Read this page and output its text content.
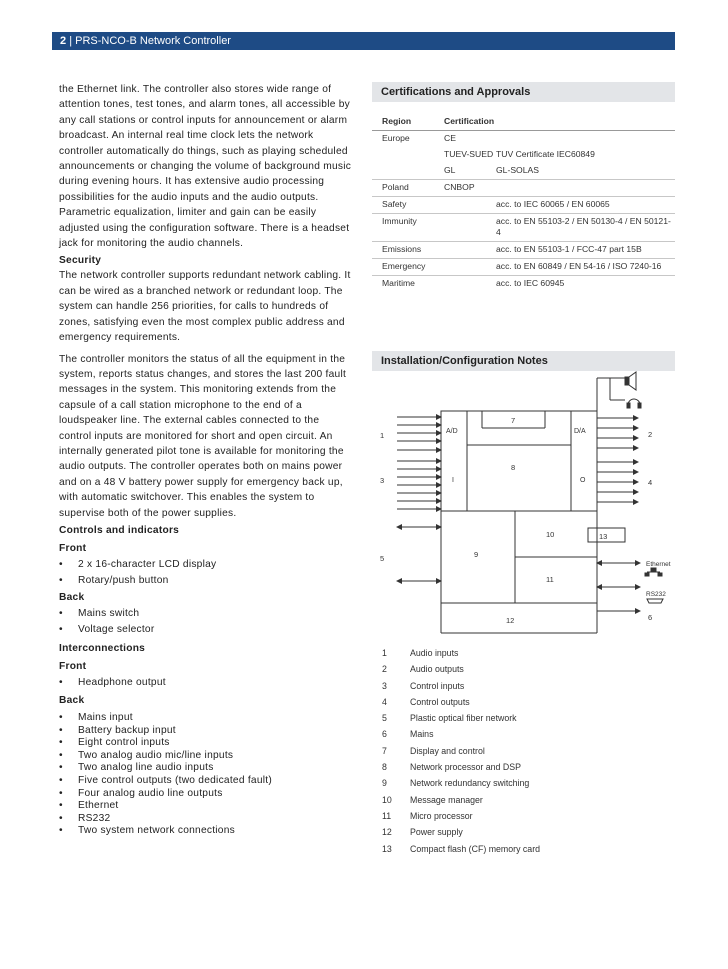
2 | PRS-NCO-B Network Controller

the Ethernet link. The controller also stores wide range of attention tones, test tones, and alarm tones, all accessible by any call stations or control inputs for announcement or alarm broadcast. An internal real time clock lets the network controller automatically do things, such as playing scheduled announcements or changing the volume of background music during evening hours. It has extensive audio processing possibilities for the audio inputs and the audio outputs. Parametric equalization, limiter and gain can be easily adjusted using the configuration software. There is a headset jack for monitoring the audio channels.

Security

The network controller supports redundant network cabling. It can be wired as a branched network or redundant loop. The system can handle 256 priorities, for calls to hundreds of zones, satisfying even the most complex public address and emergency requirements.

The controller monitors the status of all the equipment in the system, reports status changes, and stores the last 200 fault messages in the system. This monitoring extends from the capsule of a call station microphone to the end of a loudspeaker line. The external cables connected to the control inputs are monitored for short and open circuit. An internally generated pilot tone is available for monitoring the audio outputs. The controller operates both on mains power and on a 48 V battery power supply for emergency back up, with automatic switchover. This enables the system to supervise both of the power supplies.

Controls and indicators
Front
• 2 x 16-character LCD display
• Rotary/push button
Back
• Mains switch
• Voltage selector
Interconnections
Front
• Headphone output
Back
• Mains input
• Battery backup input
• Eight control inputs
• Two analog audio mic/line inputs
• Two analog line audio inputs
• Five control outputs (two dedicated fault)
• Four analog audio line outputs
• Ethernet
• RS232
• Two system network connections
Certifications and Approvals
Region	Certification	
Europe	CE	
	TUEV-SUED	TUV Certificate IEC60849
	GL	GL-SOLAS
Poland	CNBOP	
Safety		acc. to IEC 60065 / EN 60065
Immunity		acc. to EN 55103-2 / EN 50130-4 / EN 50121-4
Emissions		acc. to EN 55103-1 / FCC-47 part 15B
Emergency		acc. to EN 60849 / EN 54-16 / ISO 7240-16
Maritime		acc. to IEC 60945
Installation/Configuration Notes
1	2
3	4
5
6
7
8
9
10
11
12
13
A/D	D/A
I	O
Ethernet
RS232
1	Audio inputs
2	Audio outputs
3	Control inputs
4	Control outputs
5	Plastic optical fiber network
6	Mains
7	Display and control
8	Network processor and DSP
9	Network redundancy switching
10	Message manager
11	Micro processor
12	Power supply
13	Compact flash (CF) memory card
